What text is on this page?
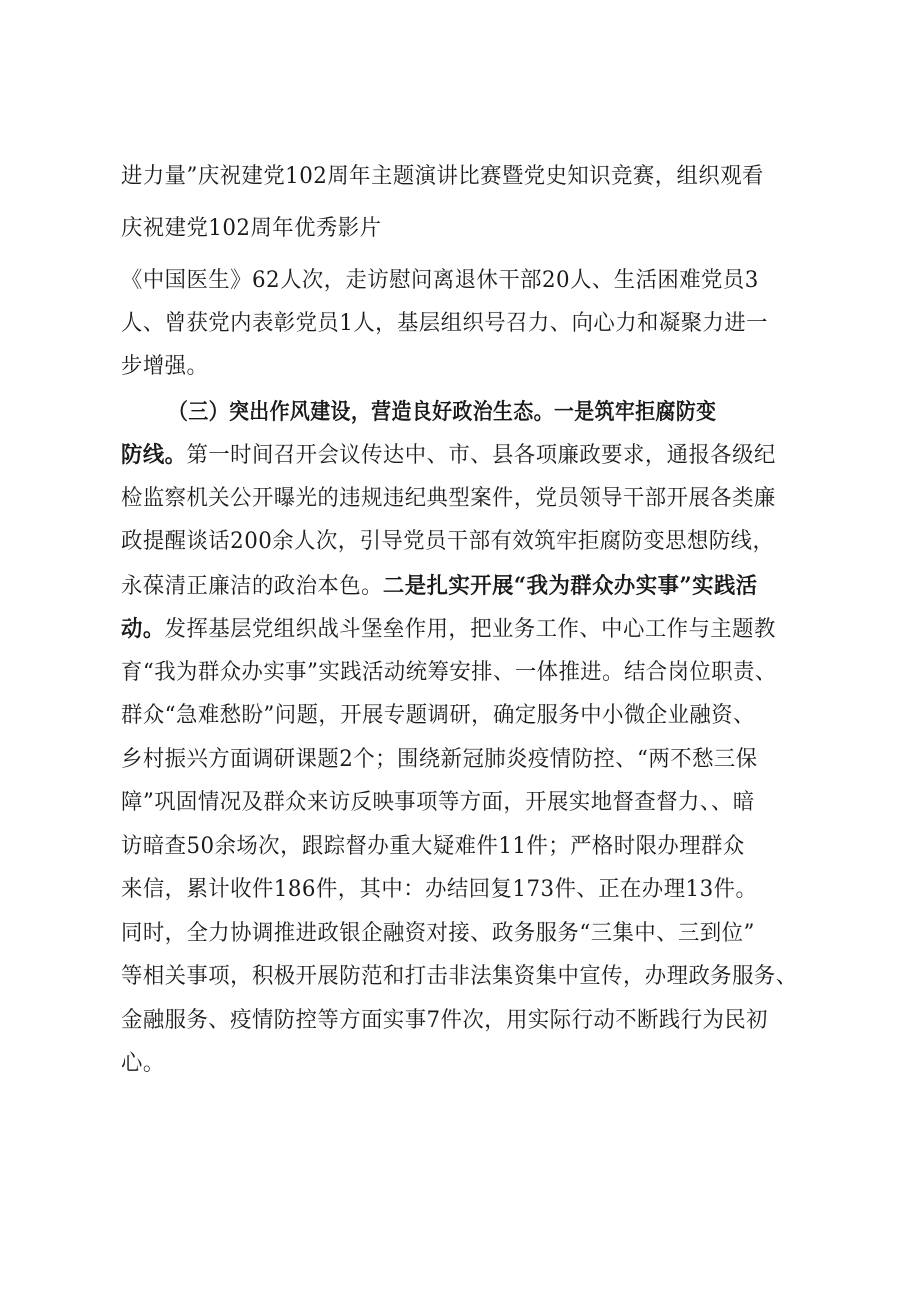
进力量”庆祝建党102周年主题演讲比赛暨党史知识竞赛，组织观看
庆祝建党102周年优秀影片
《中国医生》62人次，走访慰问离退休干部20人、生活困难党员3
人、曾获党内表彰党员1人，基层组织号召力、向心力和凝聚力进一
步增强。
（三）突出作风建设，营造良好政治生态。一是筑牢拒腐防变
防线。第一时间召开会议传达中、市、县各项廉政要求，通报各级纪
检监察机关公开曝光的违规违纪典型案件，党员领导干部开展各类廉
政提醒谈话200余人次，引导党员干部有效筑牢拒腐防变思想防线，
永葆清正廉洁的政治本色。二是扎实开展“我为群众办实事”实践活
动。发挥基层党组织战斗堡垒作用，把业务工作、中心工作与主题教
育“我为群众办实事”实践活动统筹安排、一体推进。结合岗位职责、
群众“急难愁盼”问题，开展专题调研，确定服务中小微企业融资、
乡村振兴方面调研课题2个；围绕新冠肺炎疫情防控、“两不愁三保
障”巩固情况及群众来访反映事项等方面，开展实地督查督力、、暗
访暗查50余场次，跟踪督办重大疑难件11件；严格时限办理群众
来信，累计收件186件，其中：办结回复173件、正在办理13件。
同时，全力协调推进政银企融资对接、政务服务“三集中、三到位”
等相关事项，积极开展防范和打击非法集资集中宣传，办理政务服务、
金融服务、疫情防控等方面实事7件次，用实际行动不断践行为民初
心。
